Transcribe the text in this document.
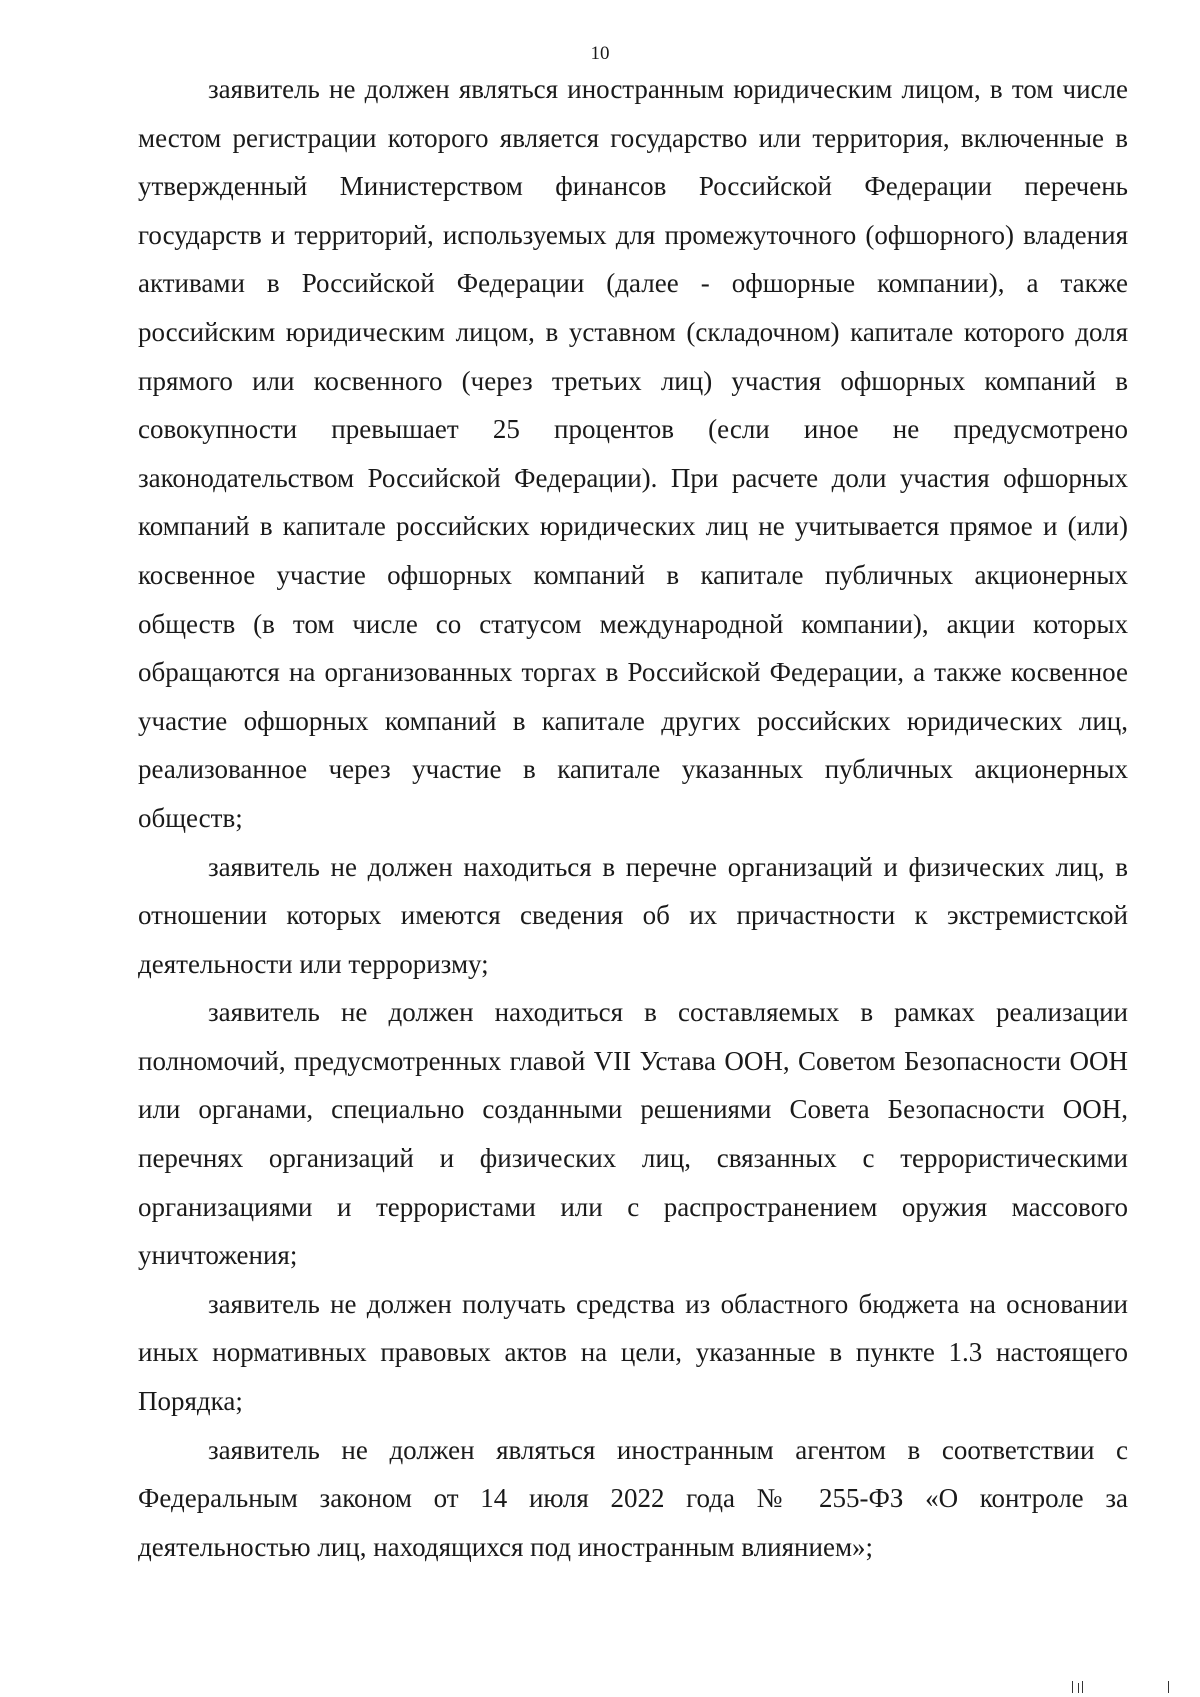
10

заявитель не должен являться иностранным юридическим лицом, в том числе местом регистрации которого является государство или территория, включенные в утвержденный Министерством финансов Российской Федерации перечень государств и территорий, используемых для промежуточного (офшорного) владения активами в Российской Федерации (далее - офшорные компании), а также российским юридическим лицом, в уставном (складочном) капитале которого доля прямого или косвенного (через третьих лиц) участия офшорных компаний в совокупности превышает 25 процентов (если иное не предусмотрено законодательством Российской Федерации). При расчете доли участия офшорных компаний в капитале российских юридических лиц не учитывается прямое и (или) косвенное участие офшорных компаний в капитале публичных акционерных обществ (в том числе со статусом международной компании), акции которых обращаются на организованных торгах в Российской Федерации, а также косвенное участие офшорных компаний в капитале других российских юридических лиц, реализованное через участие в капитале указанных публичных акционерных обществ;

заявитель не должен находиться в перечне организаций и физических лиц, в отношении которых имеются сведения об их причастности к экстремистской деятельности или терроризму;

заявитель не должен находиться в составляемых в рамках реализации полномочий, предусмотренных главой VII Устава ООН, Советом Безопасности ООН или органами, специально созданными решениями Совета Безопасности ООН, перечнях организаций и физических лиц, связанных с террористическими организациями и террористами или с распространением оружия массового уничтожения;

заявитель не должен получать средства из областного бюджета на основании иных нормативных правовых актов на цели, указанные в пункте 1.3 настоящего Порядка;

заявитель не должен являться иностранным агентом в соответствии с Федеральным законом от 14 июля 2022 года № 255-ФЗ «О контроле за деятельностью лиц, находящихся под иностранным влиянием»;
